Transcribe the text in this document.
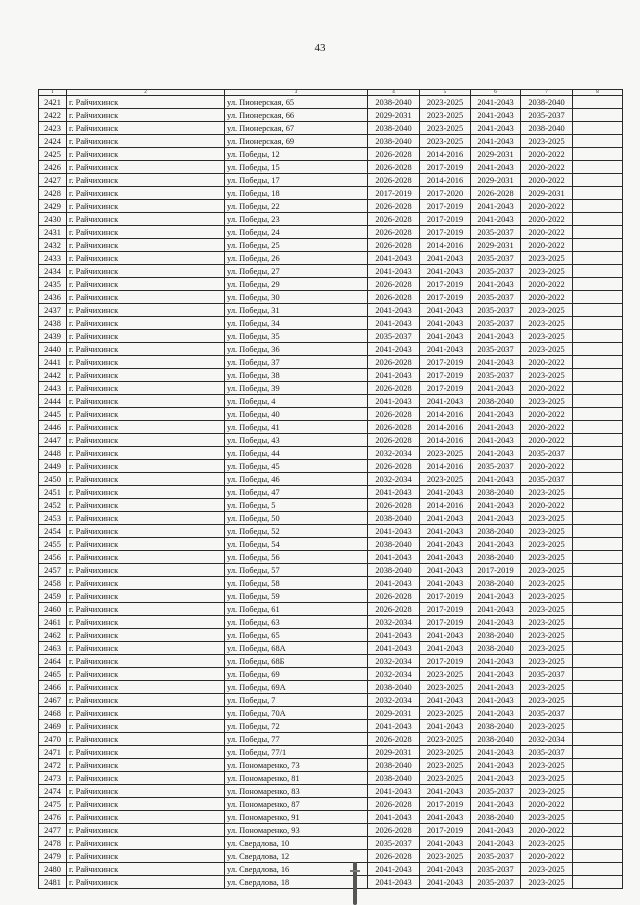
43
1	2	3	4	5	6	7	8
2421	г. Райчихинск	ул. Пионерская, 65	2038-2040	2023-2025	2041-2043	2038-2040	
2422	г. Райчихинск	ул. Пионерская, 66	2029-2031	2023-2025	2041-2043	2035-2037	
2423	г. Райчихинск	ул. Пионерская, 67	2038-2040	2023-2025	2041-2043	2038-2040	
2424	г. Райчихинск	ул. Пионерская, 69	2038-2040	2023-2025	2041-2043	2023-2025	
2425	г. Райчихинск	ул. Победы, 12	2026-2028	2014-2016	2029-2031	2020-2022	
2426	г. Райчихинск	ул. Победы, 15	2026-2028	2017-2019	2041-2043	2020-2022	
2427	г. Райчихинск	ул. Победы, 17	2026-2028	2014-2016	2029-2031	2020-2022	
2428	г. Райчихинск	ул. Победы, 18	2017-2019	2017-2020	2026-2028	2029-2031	
2429	г. Райчихинск	ул. Победы, 22	2026-2028	2017-2019	2041-2043	2020-2022	
2430	г. Райчихинск	ул. Победы, 23	2026-2028	2017-2019	2041-2043	2020-2022	
2431	г. Райчихинск	ул. Победы, 24	2026-2028	2017-2019	2035-2037	2020-2022	
2432	г. Райчихинск	ул. Победы, 25	2026-2028	2014-2016	2029-2031	2020-2022	
2433	г. Райчихинск	ул. Победы, 26	2041-2043	2041-2043	2035-2037	2023-2025	
2434	г. Райчихинск	ул. Победы, 27	2041-2043	2041-2043	2035-2037	2023-2025	
2435	г. Райчихинск	ул. Победы, 29	2026-2028	2017-2019	2041-2043	2020-2022	
2436	г. Райчихинск	ул. Победы, 30	2026-2028	2017-2019	2035-2037	2020-2022	
2437	г. Райчихинск	ул. Победы, 31	2041-2043	2041-2043	2035-2037	2023-2025	
2438	г. Райчихинск	ул. Победы, 34	2041-2043	2041-2043	2035-2037	2023-2025	
2439	г. Райчихинск	ул. Победы, 35	2035-2037	2041-2043	2041-2043	2023-2025	
2440	г. Райчихинск	ул. Победы, 36	2041-2043	2041-2043	2035-2037	2023-2025	
2441	г. Райчихинск	ул. Победы, 37	2026-2028	2017-2019	2041-2043	2020-2022	
2442	г. Райчихинск	ул. Победы, 38	2041-2043	2017-2019	2035-2037	2023-2025	
2443	г. Райчихинск	ул. Победы, 39	2026-2028	2017-2019	2041-2043	2020-2022	
2444	г. Райчихинск	ул. Победы, 4	2041-2043	2041-2043	2038-2040	2023-2025	
2445	г. Райчихинск	ул. Победы, 40	2026-2028	2014-2016	2041-2043	2020-2022	
2446	г. Райчихинск	ул. Победы, 41	2026-2028	2014-2016	2041-2043	2020-2022	
2447	г. Райчихинск	ул. Победы, 43	2026-2028	2014-2016	2041-2043	2020-2022	
2448	г. Райчихинск	ул. Победы, 44	2032-2034	2023-2025	2041-2043	2035-2037	
2449	г. Райчихинск	ул. Победы, 45	2026-2028	2014-2016	2035-2037	2020-2022	
2450	г. Райчихинск	ул. Победы, 46	2032-2034	2023-2025	2041-2043	2035-2037	
2451	г. Райчихинск	ул. Победы, 47	2041-2043	2041-2043	2038-2040	2023-2025	
2452	г. Райчихинск	ул. Победы, 5	2026-2028	2014-2016	2041-2043	2020-2022	
2453	г. Райчихинск	ул. Победы, 50	2038-2040	2041-2043	2041-2043	2023-2025	
2454	г. Райчихинск	ул. Победы, 52	2041-2043	2041-2043	2038-2040	2023-2025	
2455	г. Райчихинск	ул. Победы, 54	2038-2040	2041-2043	2041-2043	2023-2025	
2456	г. Райчихинск	ул. Победы, 56	2041-2043	2041-2043	2038-2040	2023-2025	
2457	г. Райчихинск	ул. Победы, 57	2038-2040	2041-2043	2017-2019	2023-2025	
2458	г. Райчихинск	ул. Победы, 58	2041-2043	2041-2043	2038-2040	2023-2025	
2459	г. Райчихинск	ул. Победы, 59	2026-2028	2017-2019	2041-2043	2023-2025	
2460	г. Райчихинск	ул. Победы, 61	2026-2028	2017-2019	2041-2043	2023-2025	
2461	г. Райчихинск	ул. Победы, 63	2032-2034	2017-2019	2041-2043	2023-2025	
2462	г. Райчихинск	ул. Победы, 65	2041-2043	2041-2043	2038-2040	2023-2025	
2463	г. Райчихинск	ул. Победы, 68А	2041-2043	2041-2043	2038-2040	2023-2025	
2464	г. Райчихинск	ул. Победы, 68Б	2032-2034	2017-2019	2041-2043	2023-2025	
2465	г. Райчихинск	ул. Победы, 69	2032-2034	2023-2025	2041-2043	2035-2037	
2466	г. Райчихинск	ул. Победы, 69А	2038-2040	2023-2025	2041-2043	2023-2025	
2467	г. Райчихинск	ул. Победы, 7	2032-2034	2041-2043	2041-2043	2023-2025	
2468	г. Райчихинск	ул. Победы, 70А	2029-2031	2023-2025	2041-2043	2035-2037	
2469	г. Райчихинск	ул. Победы, 72	2041-2043	2041-2043	2038-2040	2023-2025	
2470	г. Райчихинск	ул. Победы, 77	2026-2028	2023-2025	2038-2040	2032-2034	
2471	г. Райчихинск	ул. Победы, 77/1	2029-2031	2023-2025	2041-2043	2035-2037	
2472	г. Райчихинск	ул. Пономаренко, 73	2038-2040	2023-2025	2041-2043	2023-2025	
2473	г. Райчихинск	ул. Пономаренко, 81	2038-2040	2023-2025	2041-2043	2023-2025	
2474	г. Райчихинск	ул. Пономаренко, 83	2041-2043	2041-2043	2035-2037	2023-2025	
2475	г. Райчихинск	ул. Пономаренко, 87	2026-2028	2017-2019	2041-2043	2020-2022	
2476	г. Райчихинск	ул. Пономаренко, 91	2041-2043	2041-2043	2038-2040	2023-2025	
2477	г. Райчихинск	ул. Пономаренко, 93	2026-2028	2017-2019	2041-2043	2020-2022	
2478	г. Райчихинск	ул. Свердлова, 10	2035-2037	2041-2043	2041-2043	2023-2025	
2479	г. Райчихинск	ул. Свердлова, 12	2026-2028	2023-2025	2035-2037	2020-2022	
2480	г. Райчихинск	ул. Свердлова, 16	2041-2043	2041-2043	2035-2037	2023-2025	
2481	г. Райчихинск	ул. Свердлова, 18	2041-2043	2041-2043	2035-2037	2023-2025	
